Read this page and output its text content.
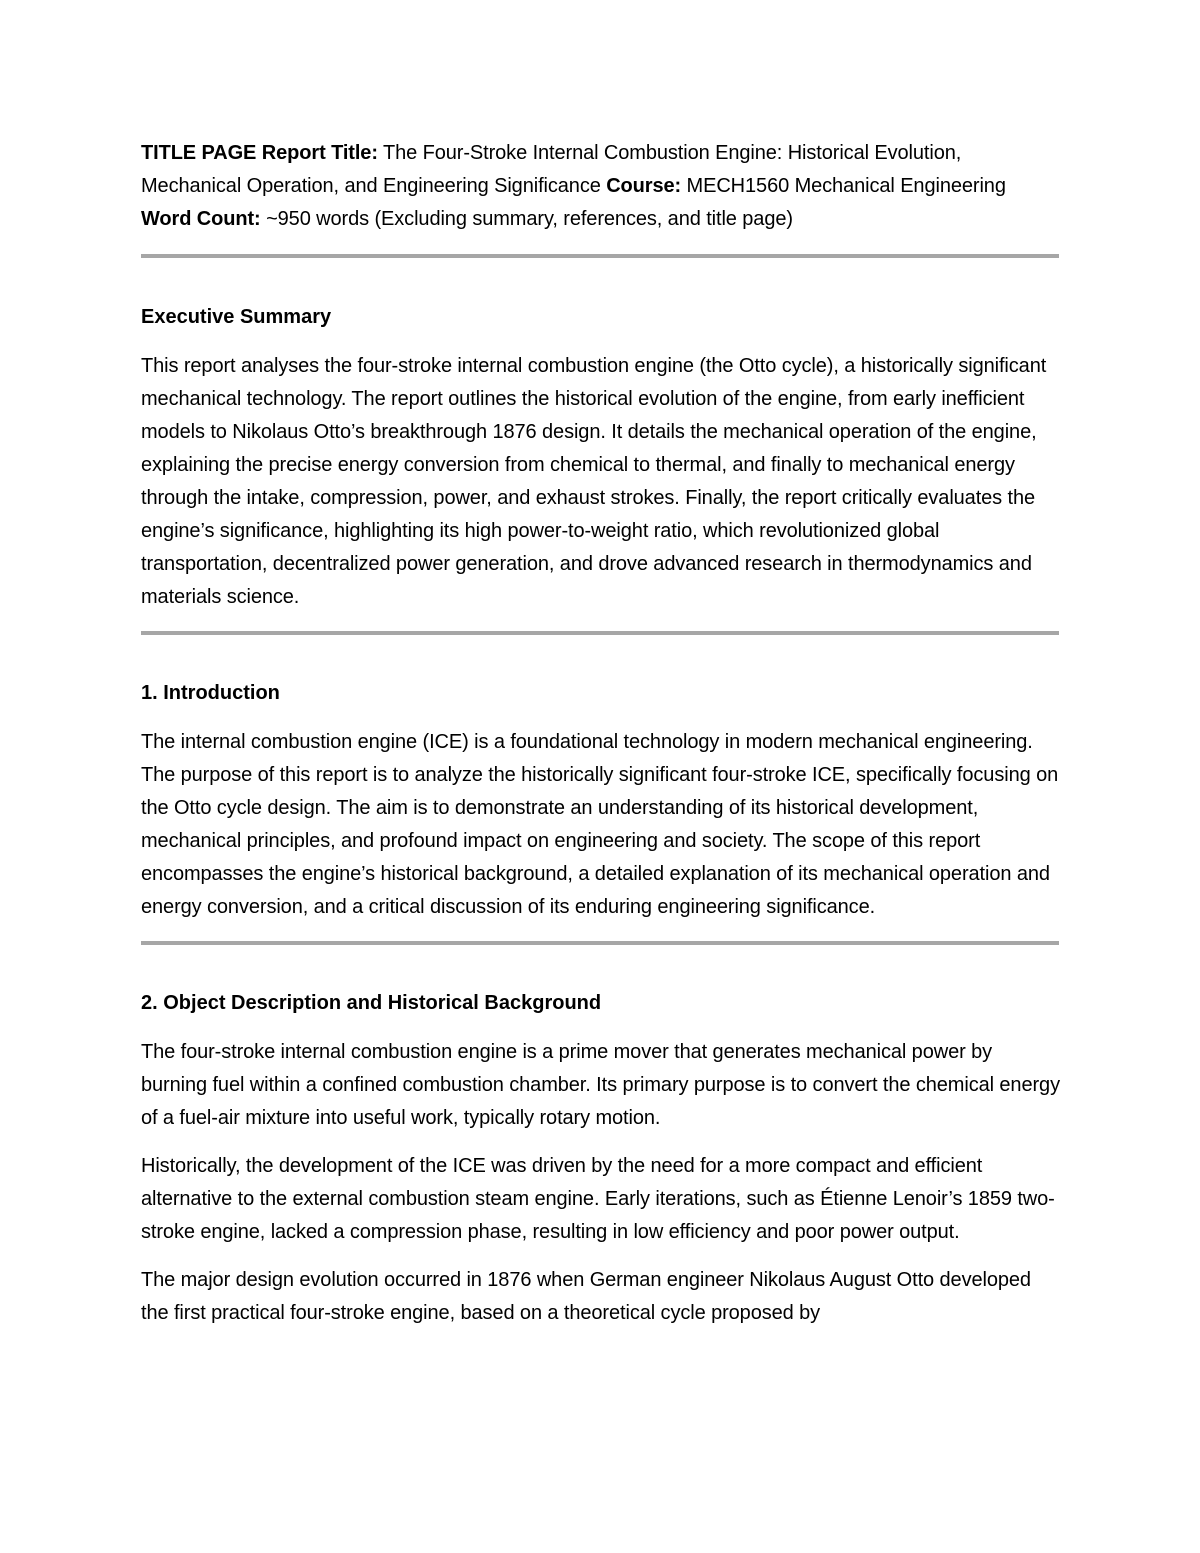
TITLE PAGE Report Title: The Four-Stroke Internal Combustion Engine: Historical Evolution, Mechanical Operation, and Engineering Significance Course: MECH1560 Mechanical Engineering Word Count: ~950 words (Excluding summary, references, and title page)

Executive Summary

This report analyses the four-stroke internal combustion engine (the Otto cycle), a historically significant mechanical technology. The report outlines the historical evolution of the engine, from early inefficient models to Nikolaus Otto’s breakthrough 1876 design. It details the mechanical operation of the engine, explaining the precise energy conversion from chemical to thermal, and finally to mechanical energy through the intake, compression, power, and exhaust strokes. Finally, the report critically evaluates the engine’s significance, highlighting its high power-to-weight ratio, which revolutionized global transportation, decentralized power generation, and drove advanced research in thermodynamics and materials science.

1. Introduction

The internal combustion engine (ICE) is a foundational technology in modern mechanical engineering. The purpose of this report is to analyze the historically significant four-stroke ICE, specifically focusing on the Otto cycle design. The aim is to demonstrate an understanding of its historical development, mechanical principles, and profound impact on engineering and society. The scope of this report encompasses the engine’s historical background, a detailed explanation of its mechanical operation and energy conversion, and a critical discussion of its enduring engineering significance.

2. Object Description and Historical Background

The four-stroke internal combustion engine is a prime mover that generates mechanical power by burning fuel within a confined combustion chamber. Its primary purpose is to convert the chemical energy of a fuel-air mixture into useful work, typically rotary motion.

Historically, the development of the ICE was driven by the need for a more compact and efficient alternative to the external combustion steam engine. Early iterations, such as Étienne Lenoir’s 1859 two-stroke engine, lacked a compression phase, resulting in low efficiency and poor power output.

The major design evolution occurred in 1876 when German engineer Nikolaus August Otto developed the first practical four-stroke engine, based on a theoretical cycle proposed by
